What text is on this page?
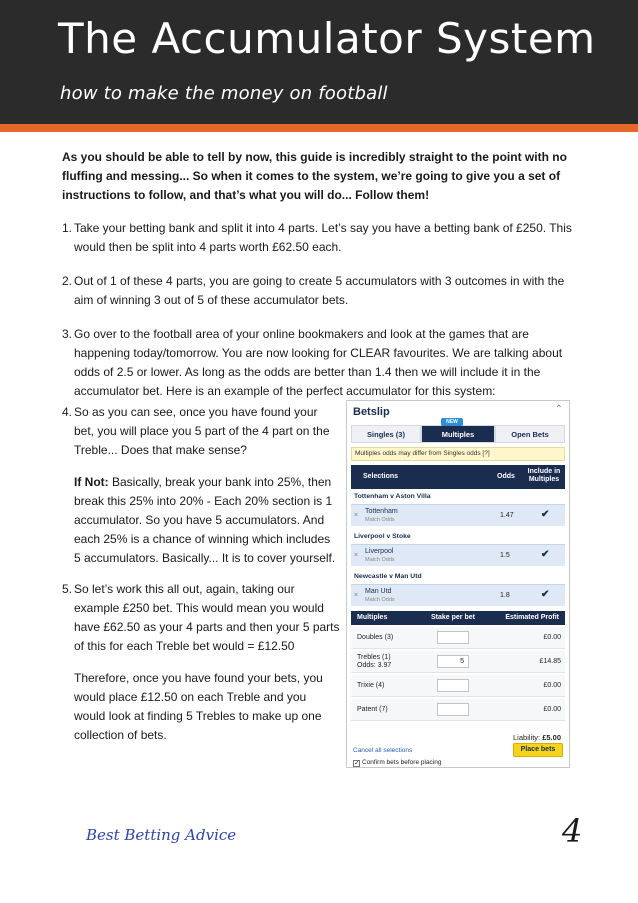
The Accumulator System
how to make the money on football

As you should be able to tell by now, this guide is incredibly straight to the point with no fluffing and messing... So when it comes to the system, we’re going to give you a set of instructions to follow, and that’s what you will do... Follow them!

1. Take your betting bank and split it into 4 parts. Let’s say you have a betting bank of £250. This would then be split into 4 parts worth £62.50 each.

2. Out of 1 of these 4 parts, you are going to create 5 accumulators with 3 outcomes in with the aim of winning 3 out of 5 of these accumulator bets.

3. Go over to the football area of your online bookmakers and look at the games that are happening today/tomorrow. You are now looking for CLEAR favourites. We are talking about odds of 2.5 or lower. As long as the odds are better than 1.4 then we will include it in the accumulator bet. Here is an example of the perfect accumulator for this system:

4. So as you can see, once you have found your bet, you will place you 5 part of the 4 part on the Treble... Does that make sense?

If Not: Basically, break your bank into 25%, then break this 25% into 20% - Each 20% section is 1 accumulator. So you have 5 accumulators. And each 25% is a chance of winning which includes 5 accumulators. Basically... It is to cover yourself.

5. So let’s work this all out, again, taking our example £250 bet. This would mean you would have £62.50 as your 4 parts and then your 5 parts of this for each Treble bet would = £12.50

Therefore, once you have found your bets, you would place £12.50 on each Treble and you would look at finding 5 Trebles to make up one collection of bets.

Betslip	⌃
Singles (3)	Multiples	Open Bets
NEW
Multiples odds may differ from Singles odds [?]
Selections	Odds
Include in Multiples
Tottenham v Aston Villa
×
Tottenham
Match Odds
1.47	✔
Liverpool v Stoke
×
Liverpool
Match Odds
1.5	✔
Newcastle v Man Utd
×
Man Utd
Match Odds
1.8	✔
Multiples	Stake per bet	Estimated Profit
Doubles (3)	£0.00
Trebles (1)
Odds: 3.97
5	£14.85
Trixie (4)	£0.00
Patent (7)	£0.00
Liability: £5.00
Cancel all selections	Place bets
✓ Confirm bets before placing
Best Betting Advice	4
